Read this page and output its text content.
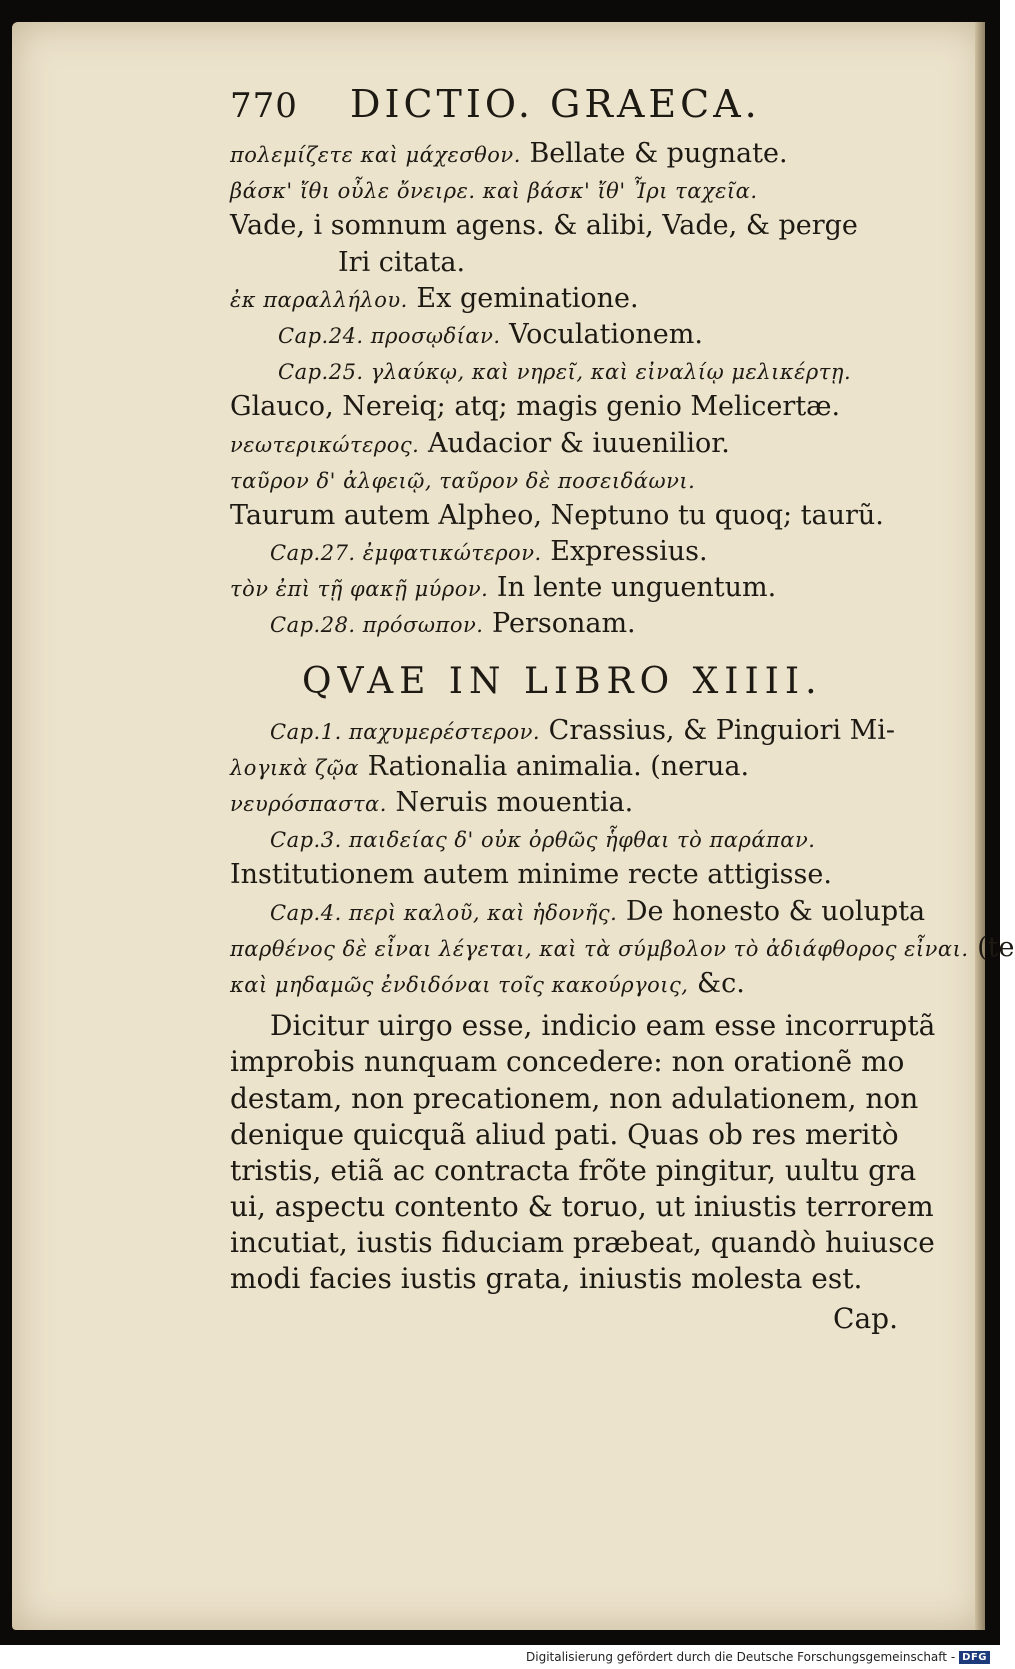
770	DICTIO. GRAECA.
πολεμίζετε καὶ μάχεσθον. Bellate & pugnate.
βάσκ' ἴθι οὖλε ὄνειρε. καὶ βάσκ' ἴθ' Ἶρι ταχεῖα.
Vade, i somnum agens. & alibi, Vade, & perge
Iri citata.
ἐκ παραλλήλου. Ex geminatione.
Cap.24. προσῳδίαν. Voculationem.
Cap.25. γλαύκῳ, καὶ νηρεῖ, καὶ εἰναλίῳ μελικέρτῃ.
Glauco, Nereiq; atq; magis genio Melicertæ.
νεωτερικώτερος. Audacior & iuuenilior.
ταῦρον δ' ἀλφειῷ, ταῦρον δὲ ποσειδάωνι.
Taurum autem Alpheo, Neptuno tu quoq; taurũ.
Cap.27. ἐμφατικώτερον. Expressius.
τὸν ἐπὶ τῇ φακῇ μύρον. In lente unguentum.
Cap.28. πρόσωπον. Personam.
QVAE IN LIBRO XIIII.
Cap.1. παχυμερέστερον. Crassius, & Pinguiori Mi-
λογικὰ ζῷα Rationalia animalia. (nerua.
νευρόσπαστα. Neruis mouentia.
Cap.3. παιδείας δ' οὐκ ὀρθῶς ἧφθαι τὸ παράπαν.
Institutionem autem minime recte attigisse.
Cap.4. περὶ καλοῦ, καὶ ἡδονῆς. De honesto & uolupta
παρθένος δὲ εἶναι λέγεται, καὶ τὰ σύμβολον τὸ ἀδιάφθορος εἶναι. (te
καὶ μηδαμῶς ἐνδιδόναι τοῖς κακούργοις, &c.
Dicitur uirgo esse, indicio eam esse incorruptã
improbis nunquam concedere: non orationẽ mo
destam, non precationem, non adulationem, non
denique quicquã aliud pati. Quas ob res meritò
tristis, etiã ac contracta frõte pingitur, uultu gra
ui, aspectu contento & toruo, ut iniustis terrorem
incutiat, iustis fiduciam præbeat, quandò huiusce
modi facies iustis grata, iniustis molesta est.
Cap.
Digitalisierung gefördert durch die Deutsche Forschungsgemeinschaft - DFG
